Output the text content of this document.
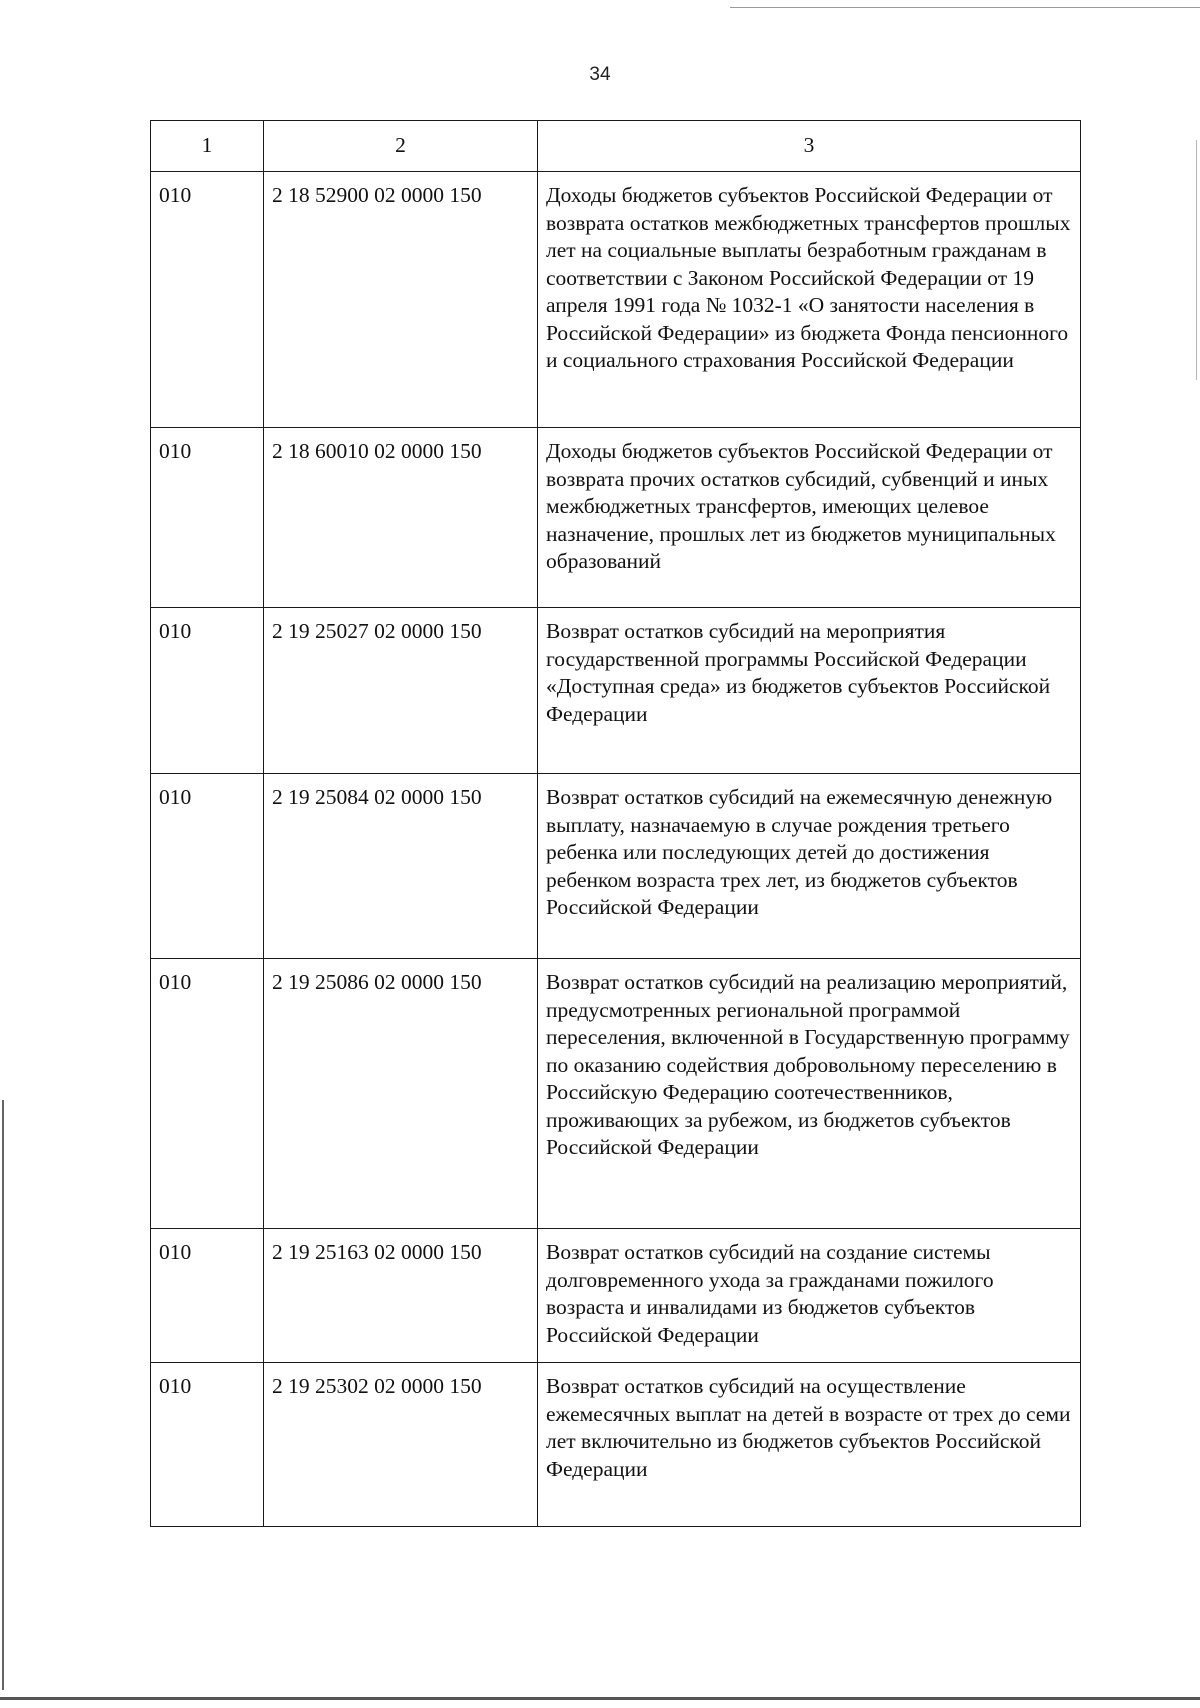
34
1	2	3
010	2 18 52900 02 0000 150	Доходы бюджетов субъектов Российской Федерации от возврата остатков межбюджетных трансфертов прошлых лет на социальные выплаты безработным гражданам в соответствии с Законом Российской Федерации от 19 апреля 1991 года № 1032-1 «О занятости населения в Российской Федерации» из бюджета Фонда пенсионного и социального страхования Российской Федерации
010	2 18 60010 02 0000 150	Доходы бюджетов субъектов Российской Федерации от возврата прочих остатков субсидий, субвенций и иных межбюджетных трансфертов, имеющих целевое назначение, прошлых лет из бюджетов муниципальных образований
010	2 19 25027 02 0000 150	Возврат остатков субсидий на мероприятия государственной программы Российской Федерации «Доступная среда» из бюджетов субъектов Российской Федерации
010	2 19 25084 02 0000 150	Возврат остатков субсидий на ежемесячную денежную выплату, назначаемую в случае рождения третьего ребенка или последующих детей до достижения ребенком возраста трех лет, из бюджетов субъектов Российской Федерации
010	2 19 25086 02 0000 150	Возврат остатков субсидий на реализацию мероприятий, предусмотренных региональной программой переселения, включенной в Государственную программу по оказанию содействия добровольному переселению в Российскую Федерацию соотечественников, проживающих за рубежом, из бюджетов субъектов Российской Федерации
010	2 19 25163 02 0000 150	Возврат остатков субсидий на создание системы долговременного ухода за гражданами пожилого возраста и инвалидами из бюджетов субъектов Российской Федерации
010	2 19 25302 02 0000 150	Возврат остатков субсидий на осуществление ежемесячных выплат на детей в возрасте от трех до семи лет включительно из бюджетов субъектов Российской Федерации
